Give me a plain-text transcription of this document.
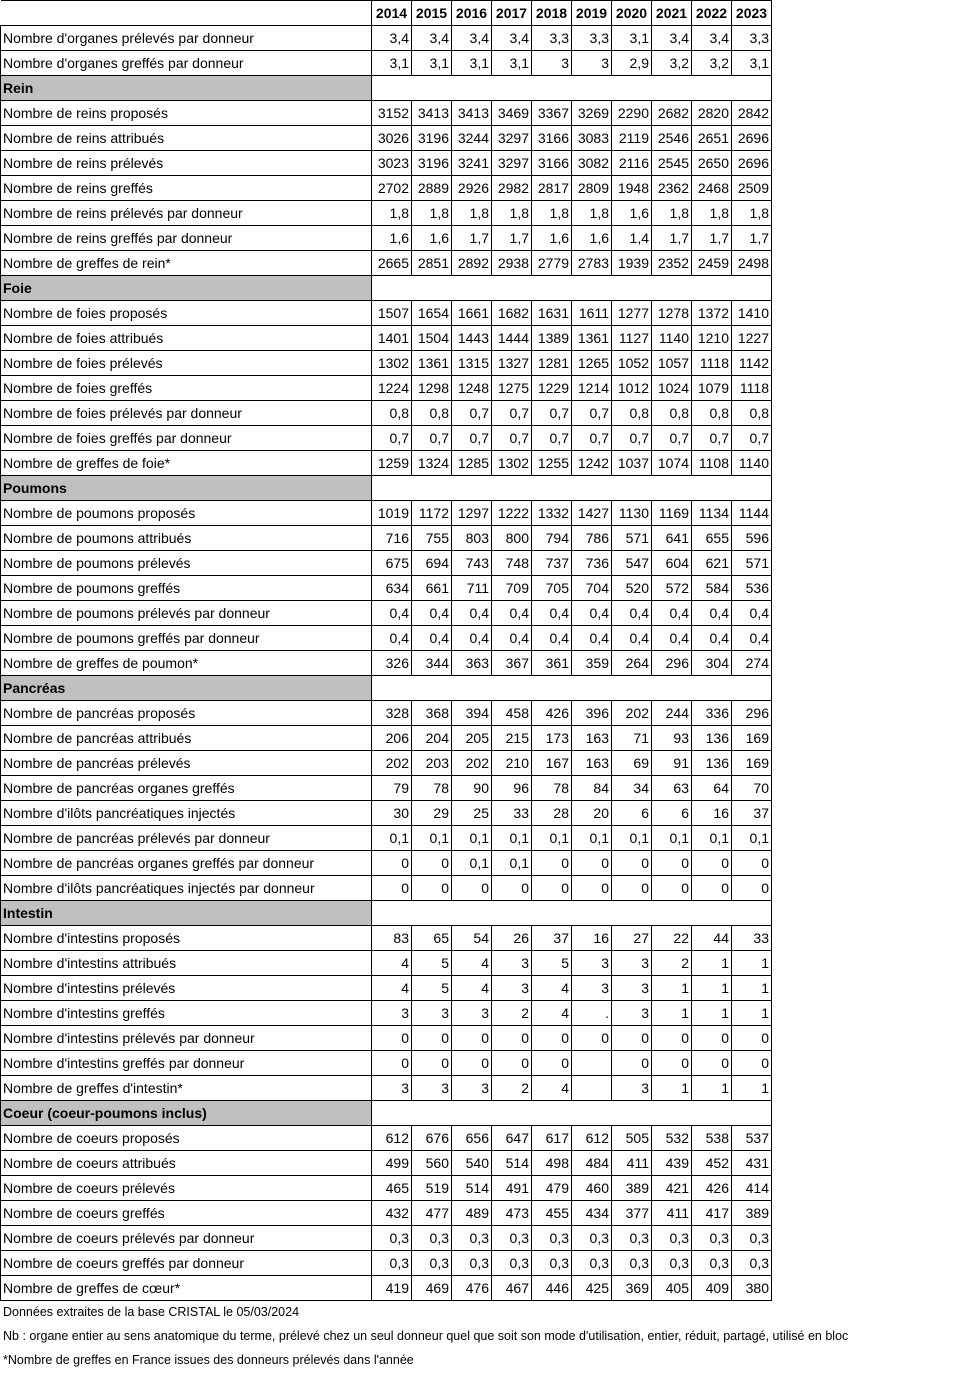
	2014	2015	2016	2017	2018	2019	2020	2021	2022	2023
Nombre d'organes prélevés par donneur	3,4	3,4	3,4	3,4	3,3	3,3	3,1	3,4	3,4	3,3
Nombre d'organes greffés par donneur	3,1	3,1	3,1	3,1	3	3	2,9	3,2	3,2	3,1
Rein										
Nombre de reins proposés	3152	3413	3413	3469	3367	3269	2290	2682	2820	2842
Nombre de reins attribués	3026	3196	3244	3297	3166	3083	2119	2546	2651	2696
Nombre de reins prélevés	3023	3196	3241	3297	3166	3082	2116	2545	2650	2696
Nombre de reins greffés	2702	2889	2926	2982	2817	2809	1948	2362	2468	2509
Nombre de reins prélevés par donneur	1,8	1,8	1,8	1,8	1,8	1,8	1,6	1,8	1,8	1,8
Nombre de reins greffés par donneur	1,6	1,6	1,7	1,7	1,6	1,6	1,4	1,7	1,7	1,7
Nombre de greffes de rein*	2665	2851	2892	2938	2779	2783	1939	2352	2459	2498
Foie										
Nombre de foies proposés	1507	1654	1661	1682	1631	1611	1277	1278	1372	1410
Nombre de foies attribués	1401	1504	1443	1444	1389	1361	1127	1140	1210	1227
Nombre de foies prélevés	1302	1361	1315	1327	1281	1265	1052	1057	1118	1142
Nombre de foies greffés	1224	1298	1248	1275	1229	1214	1012	1024	1079	1118
Nombre de foies prélevés par donneur	0,8	0,8	0,7	0,7	0,7	0,7	0,8	0,8	0,8	0,8
Nombre de foies greffés par donneur	0,7	0,7	0,7	0,7	0,7	0,7	0,7	0,7	0,7	0,7
Nombre de greffes de foie*	1259	1324	1285	1302	1255	1242	1037	1074	1108	1140
Poumons										
Nombre de poumons proposés	1019	1172	1297	1222	1332	1427	1130	1169	1134	1144
Nombre de poumons attribués	716	755	803	800	794	786	571	641	655	596
Nombre de poumons prélevés	675	694	743	748	737	736	547	604	621	571
Nombre de poumons greffés	634	661	711	709	705	704	520	572	584	536
Nombre de poumons prélevés par donneur	0,4	0,4	0,4	0,4	0,4	0,4	0,4	0,4	0,4	0,4
Nombre de poumons greffés par donneur	0,4	0,4	0,4	0,4	0,4	0,4	0,4	0,4	0,4	0,4
Nombre de greffes de poumon*	326	344	363	367	361	359	264	296	304	274
Pancréas										
Nombre de pancréas proposés	328	368	394	458	426	396	202	244	336	296
Nombre de pancréas attribués	206	204	205	215	173	163	71	93	136	169
Nombre de pancréas prélevés	202	203	202	210	167	163	69	91	136	169
Nombre de pancréas organes greffés	79	78	90	96	78	84	34	63	64	70
Nombre d'ilôts pancréatiques injectés	30	29	25	33	28	20	6	6	16	37
Nombre de pancréas prélevés par donneur	0,1	0,1	0,1	0,1	0,1	0,1	0,1	0,1	0,1	0,1
Nombre de pancréas organes greffés par donneur	0	0	0,1	0,1	0	0	0	0	0	0
Nombre d'ilôts pancréatiques injectés par donneur	0	0	0	0	0	0	0	0	0	0
Intestin										
Nombre d'intestins proposés	83	65	54	26	37	16	27	22	44	33
Nombre d'intestins attribués	4	5	4	3	5	3	3	2	1	1
Nombre d'intestins prélevés	4	5	4	3	4	3	3	1	1	1
Nombre d'intestins greffés	3	3	3	2	4	.	3	1	1	1
Nombre d'intestins prélevés par donneur	0	0	0	0	0	0	0	0	0	0
Nombre d'intestins greffés par donneur	0	0	0	0	0		0	0	0	0
Nombre de greffes d'intestin*	3	3	3	2	4		3	1	1	1
Coeur (coeur-poumons inclus)										
Nombre de coeurs proposés	612	676	656	647	617	612	505	532	538	537
Nombre de coeurs attribués	499	560	540	514	498	484	411	439	452	431
Nombre de coeurs prélevés	465	519	514	491	479	460	389	421	426	414
Nombre de coeurs greffés	432	477	489	473	455	434	377	411	417	389
Nombre de coeurs prélevés par donneur	0,3	0,3	0,3	0,3	0,3	0,3	0,3	0,3	0,3	0,3
Nombre de coeurs greffés par donneur	0,3	0,3	0,3	0,3	0,3	0,3	0,3	0,3	0,3	0,3
Nombre de greffes de cœur*	419	469	476	467	446	425	369	405	409	380
Données extraites de la base CRISTAL le 05/03/2024
Nb : organe entier au sens anatomique du terme, prélevé chez un seul donneur quel que soit son mode d'utilisation, entier, réduit, partagé, utilisé en bloc
*Nombre de greffes en France issues des donneurs prélevés dans l'année
